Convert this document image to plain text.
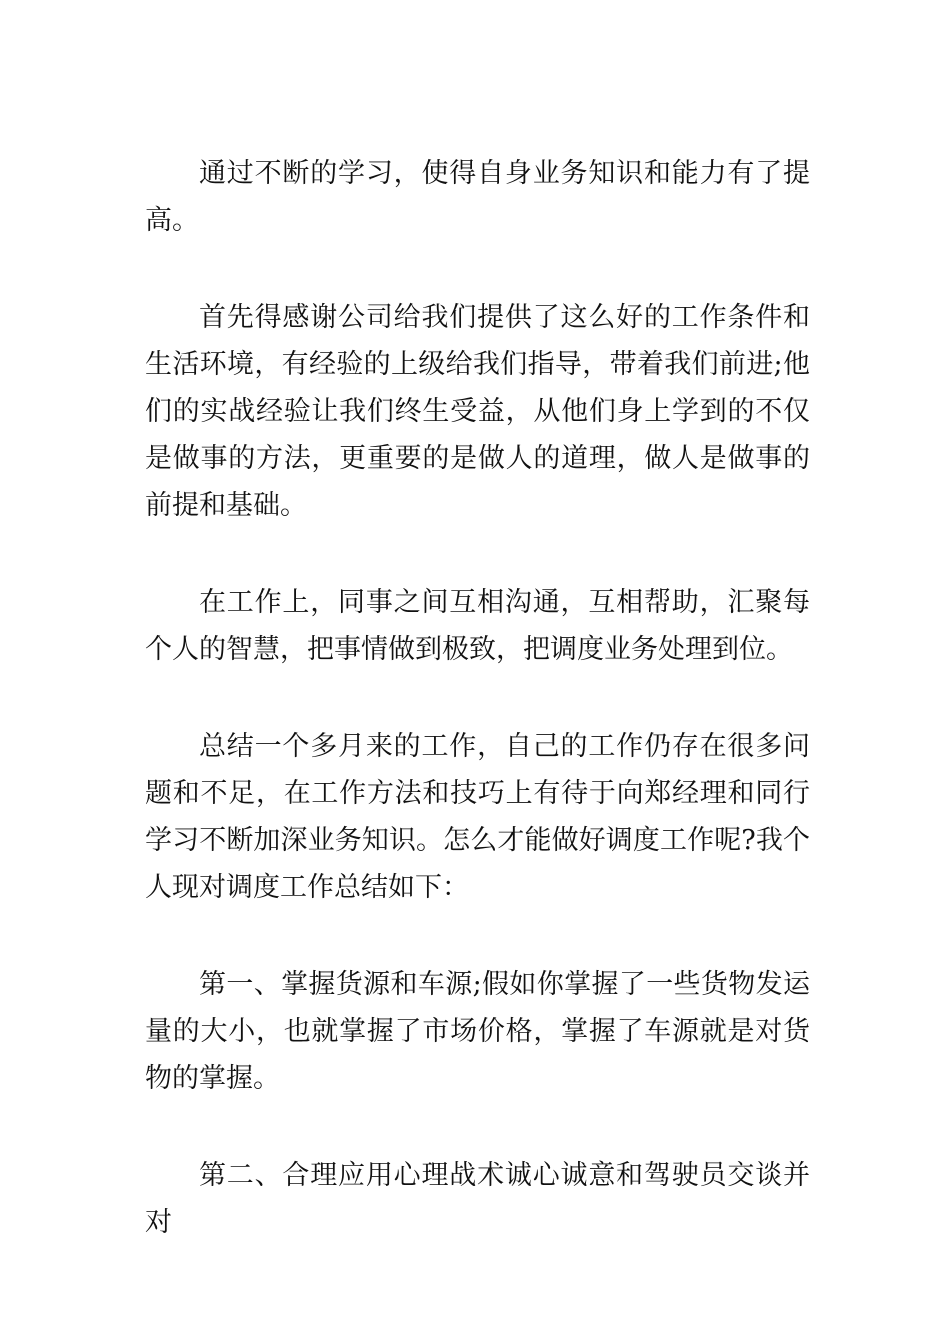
通过不断的学习，使得自身业务知识和能力有了提高。

首先得感谢公司给我们提供了这么好的工作条件和生活环境，有经验的上级给我们指导，带着我们前进;他们的实战经验让我们终生受益，从他们身上学到的不仅是做事的方法，更重要的是做人的道理，做人是做事的前提和基础。

在工作上，同事之间互相沟通，互相帮助，汇聚每个人的智慧，把事情做到极致，把调度业务处理到位。

总结一个多月来的工作，自己的工作仍存在很多问题和不足，在工作方法和技巧上有待于向郑经理和同行学习不断加深业务知识。怎么才能做好调度工作呢?我个人现对调度工作总结如下：

第一、掌握货源和车源;假如你掌握了一些货物发运量的大小，也就掌握了市场价格，掌握了车源就是对货物的掌握。

第二、合理应用心理战术诚心诚意和驾驶员交谈并对
